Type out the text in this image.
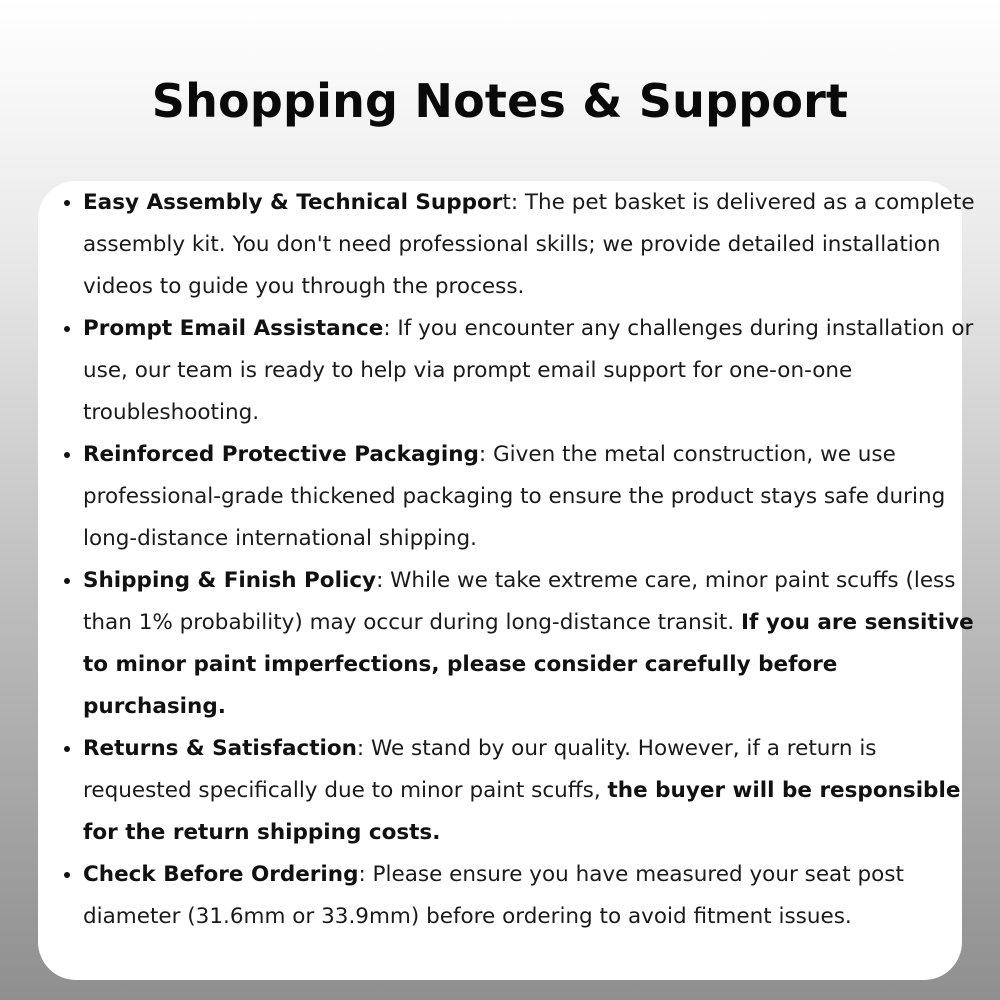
Shopping Notes & Support
• Easy Assembly & Technical Support: The pet basket is delivered as a complete assembly kit. You don't need professional skills; we provide detailed installation videos to guide you through the process.
• Prompt Email Assistance: If you encounter any challenges during installation or use, our team is ready to help via prompt email support for one-on-one troubleshooting.
• Reinforced Protective Packaging: Given the metal construction, we use professional-grade thickened packaging to ensure the product stays safe during long-distance international shipping.
• Shipping & Finish Policy: While we take extreme care, minor paint scuffs (less than 1% probability) may occur during long-distance transit. If you are sensitive to minor paint imperfections, please consider carefully before purchasing.
• Returns & Satisfaction: We stand by our quality. However, if a return is requested specifically due to minor paint scuffs, the buyer will be responsible for the return shipping costs.
• Check Before Ordering: Please ensure you have measured your seat post diameter (31.6mm or 33.9mm) before ordering to avoid fitment issues.
